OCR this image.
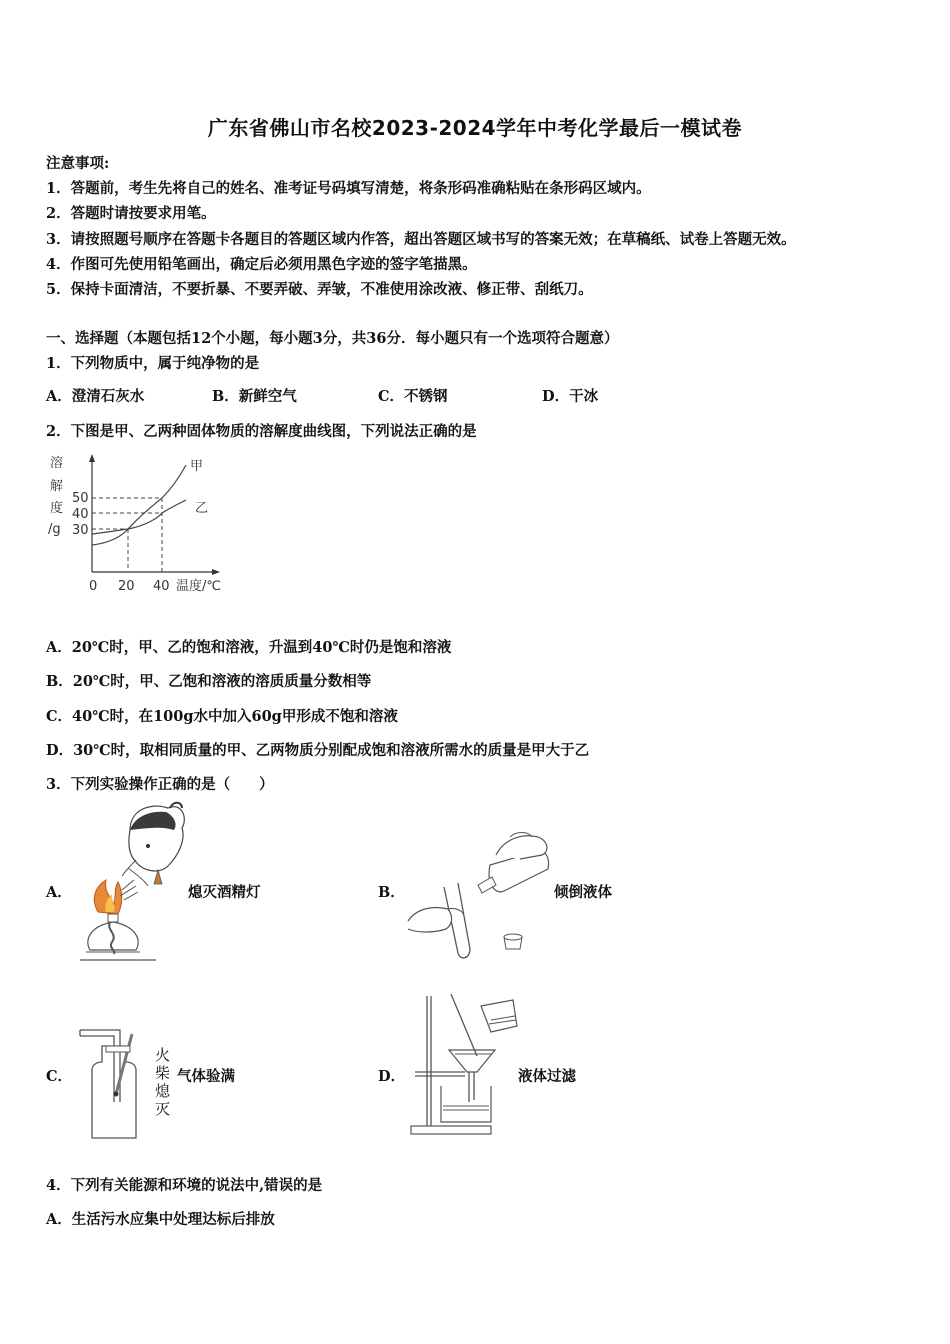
广东省佛山市名校2023-2024学年中考化学最后一模试卷
注意事项:
1．答题前，考生先将自己的姓名、准考证号码填写清楚，将条形码准确粘贴在条形码区域内。
2．答题时请按要求用笔。
3．请按照题号顺序在答题卡各题目的答题区域内作答，超出答题区域书写的答案无效；在草稿纸、试卷上答题无效。
4．作图可先使用铅笔画出，确定后必须用黑色字迹的签字笔描黑。
5．保持卡面清洁，不要折暴、不要弄破、弄皱，不准使用涂改液、修正带、刮纸刀。
一、选择题（本题包括12个小题，每小题3分，共36分．每小题只有一个选项符合题意）
1．下列物质中，属于纯净物的是
A．澄清石灰水	B．新鲜空气	C．不锈钢	D．干冰
2．下图是甲、乙两种固体物质的溶解度曲线图，下列说法正确的是
溶
解
度
/g
50
40
30
甲
乙
0 20 40 温度/℃
A．20℃时，甲、乙的饱和溶液，升温到40℃时仍是饱和溶液
B．20℃时，甲、乙饱和溶液的溶质质量分数相等
C．40℃时，在100g水中加入60g甲形成不饱和溶液
D．30℃时，取相同质量的甲、乙两物质分别配成饱和溶液所需水的质量是甲大于乙
3．下列实验操作正确的是（　　）
A．	熄灭酒精灯	B．	倾倒液体
C．
火
柴
熄
灭
气体验满	D．	液体过滤
4．下列有关能源和环境的说法中,错误的是
A．生活污水应集中处理达标后排放
